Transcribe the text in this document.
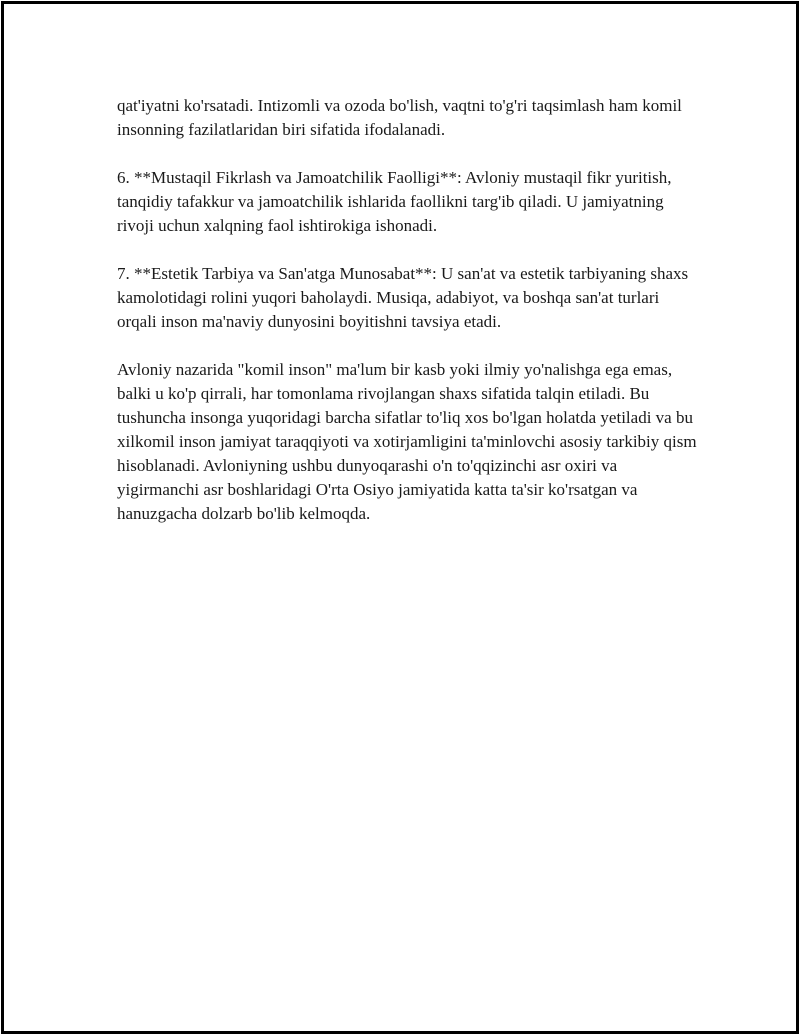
qat'iyatni ko'rsatadi. Intizomli va ozoda bo'lish, vaqtni to'g'ri taqsimlash ham komil insonning fazilatlaridan biri sifatida ifodalanadi.

6. **Mustaqil Fikrlash va Jamoatchilik Faolligi**: Avloniy mustaqil fikr yuritish, tanqidiy tafakkur va jamoatchilik ishlarida faollikni targ'ib qiladi. U jamiyatning rivoji uchun xalqning faol ishtirokiga ishonadi.

7. **Estetik Tarbiya va San'atga Munosabat**: U san'at va estetik tarbiyaning shaxs kamolotidagi rolini yuqori baholaydi. Musiqa, adabiyot, va boshqa san'at turlari orqali inson ma'naviy dunyosini boyitishni tavsiya etadi.

Avloniy nazarida "komil inson" ma'lum bir kasb yoki ilmiy yo'nalishga ega emas, balki u ko'p qirrali, har tomonlama rivojlangan shaxs sifatida talqin etiladi. Bu tushuncha insonga yuqoridagi barcha sifatlar to'liq xos bo'lgan holatda yetiladi va bu xilkomil inson jamiyat taraqqiyoti va xotirjamligini ta'minlovchi asosiy tarkibiy qism hisoblanadi. Avloniyning ushbu dunyoqarashi o'n to'qqizinchi asr oxiri va yigirmanchi asr boshlaridagi O'rta Osiyo jamiyatida katta ta'sir ko'rsatgan va hanuzgacha dolzarb bo'lib kelmoqda.
